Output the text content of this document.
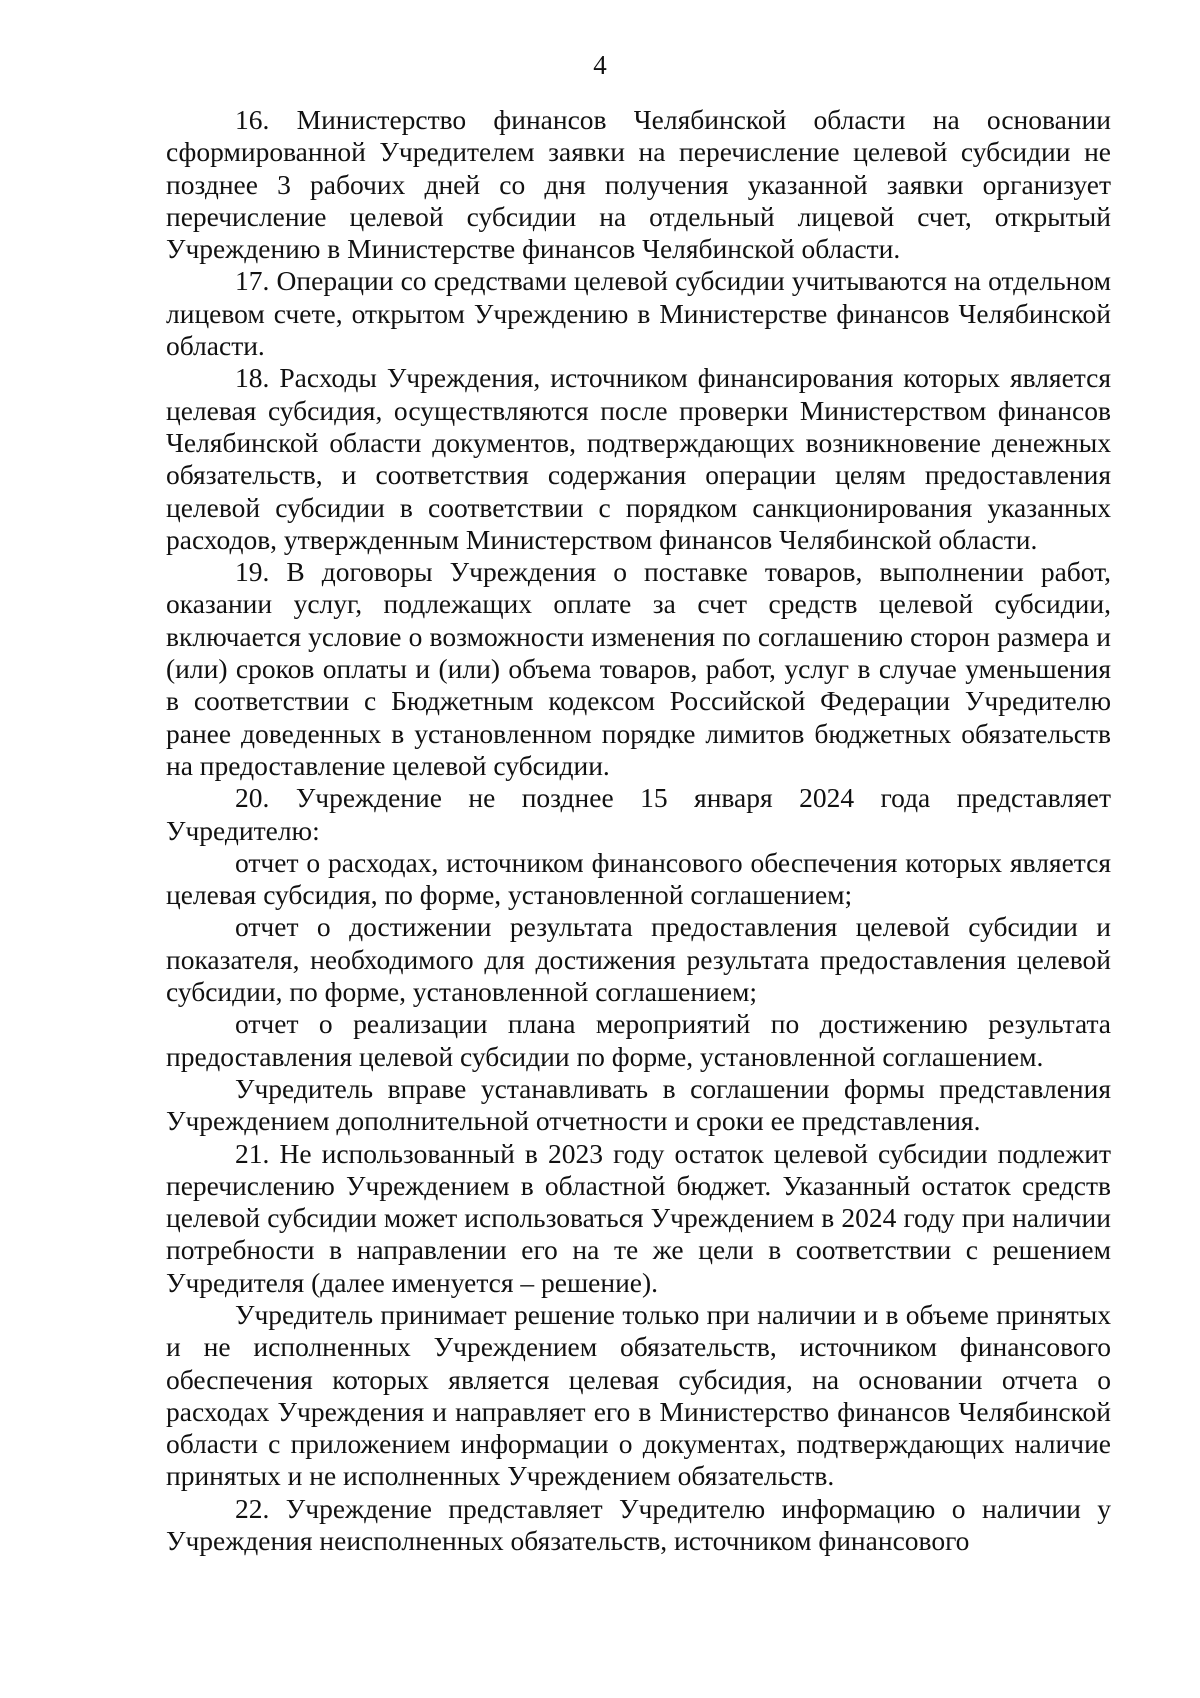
4

16. Министерство финансов Челябинской области на основании сформированной Учредителем заявки на перечисление целевой субсидии не позднее 3 рабочих дней со дня получения указанной заявки организует перечисление целевой субсидии на отдельный лицевой счет, открытый Учреждению в Министерстве финансов Челябинской области.

17. Операции со средствами целевой субсидии учитываются на отдельном лицевом счете, открытом Учреждению в Министерстве финансов Челябинской области.

18. Расходы Учреждения, источником финансирования которых является целевая субсидия, осуществляются после проверки Министерством финансов Челябинской области документов, подтверждающих возникновение денежных обязательств, и соответствия содержания операции целям предоставления целевой субсидии в соответствии с порядком санкционирования указанных расходов, утвержденным Министерством финансов Челябинской области.

19. В договоры Учреждения о поставке товаров, выполнении работ, оказании услуг, подлежащих оплате за счет средств целевой субсидии, включается условие о возможности изменения по соглашению сторон размера и (или) сроков оплаты и (или) объема товаров, работ, услуг в случае уменьшения в соответствии с Бюджетным кодексом Российской Федерации Учредителю ранее доведенных в установленном порядке лимитов бюджетных обязательств на предоставление целевой субсидии.

20. Учреждение не позднее 15 января 2024 года представляет Учредителю:

отчет о расходах, источником финансового обеспечения которых является целевая субсидия, по форме, установленной соглашением;

отчет о достижении результата предоставления целевой субсидии и показателя, необходимого для достижения результата предоставления целевой субсидии, по форме, установленной соглашением;

отчет о реализации плана мероприятий по достижению результата предоставления целевой субсидии по форме, установленной соглашением.

Учредитель вправе устанавливать в соглашении формы представления Учреждением дополнительной отчетности и сроки ее представления.

21. Не использованный в 2023 году остаток целевой субсидии подлежит перечислению Учреждением в областной бюджет. Указанный остаток средств целевой субсидии может использоваться Учреждением в 2024 году при наличии потребности в направлении его на те же цели в соответствии с решением Учредителя (далее именуется – решение).

Учредитель принимает решение только при наличии и в объеме принятых и не исполненных Учреждением обязательств, источником финансового обеспечения которых является целевая субсидия, на основании отчета о расходах Учреждения и направляет его в Министерство финансов Челябинской области с приложением информации о документах, подтверждающих наличие принятых и не исполненных Учреждением обязательств.

22. Учреждение представляет Учредителю информацию о наличии у Учреждения неисполненных обязательств, источником финансового
